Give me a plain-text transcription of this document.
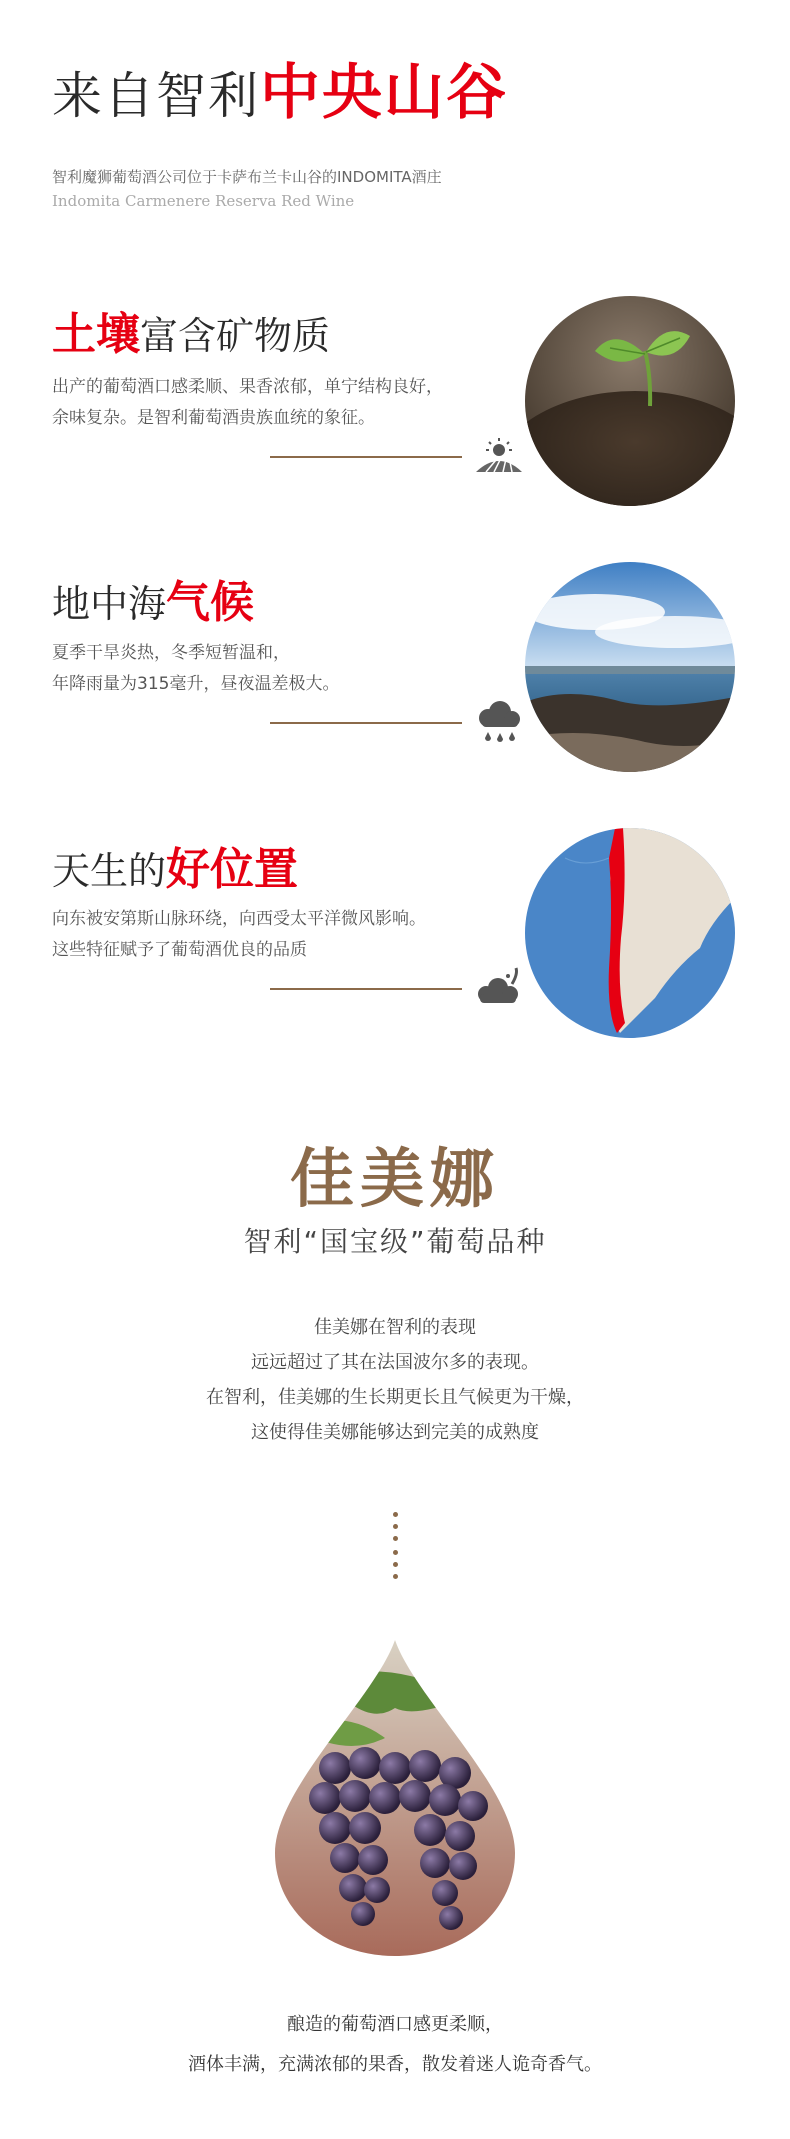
来自智利中央山谷
智利魔狮葡萄酒公司位于卡萨布兰卡山谷的INDOMITA酒庄
Indomita Carmenere Reserva Red Wine
土壤富含矿物质
出产的葡萄酒口感柔顺、果香浓郁，单宁结构良好，
余味复杂。是智利葡萄酒贵族血统的象征。
地中海气候
夏季干旱炎热，冬季短暂温和，
年降雨量为315毫升，昼夜温差极大。
天生的好位置
向东被安第斯山脉环绕，向西受太平洋微风影响。
这些特征赋予了葡萄酒优良的品质
佳美娜
智利“国宝级”葡萄品种
佳美娜在智利的表现
远远超过了其在法国波尔多的表现。
在智利，佳美娜的生长期更长且气候更为干燥，
这使得佳美娜能够达到完美的成熟度
酿造的葡萄酒口感更柔顺，
酒体丰满，充满浓郁的果香，散发着迷人诡奇香气。
